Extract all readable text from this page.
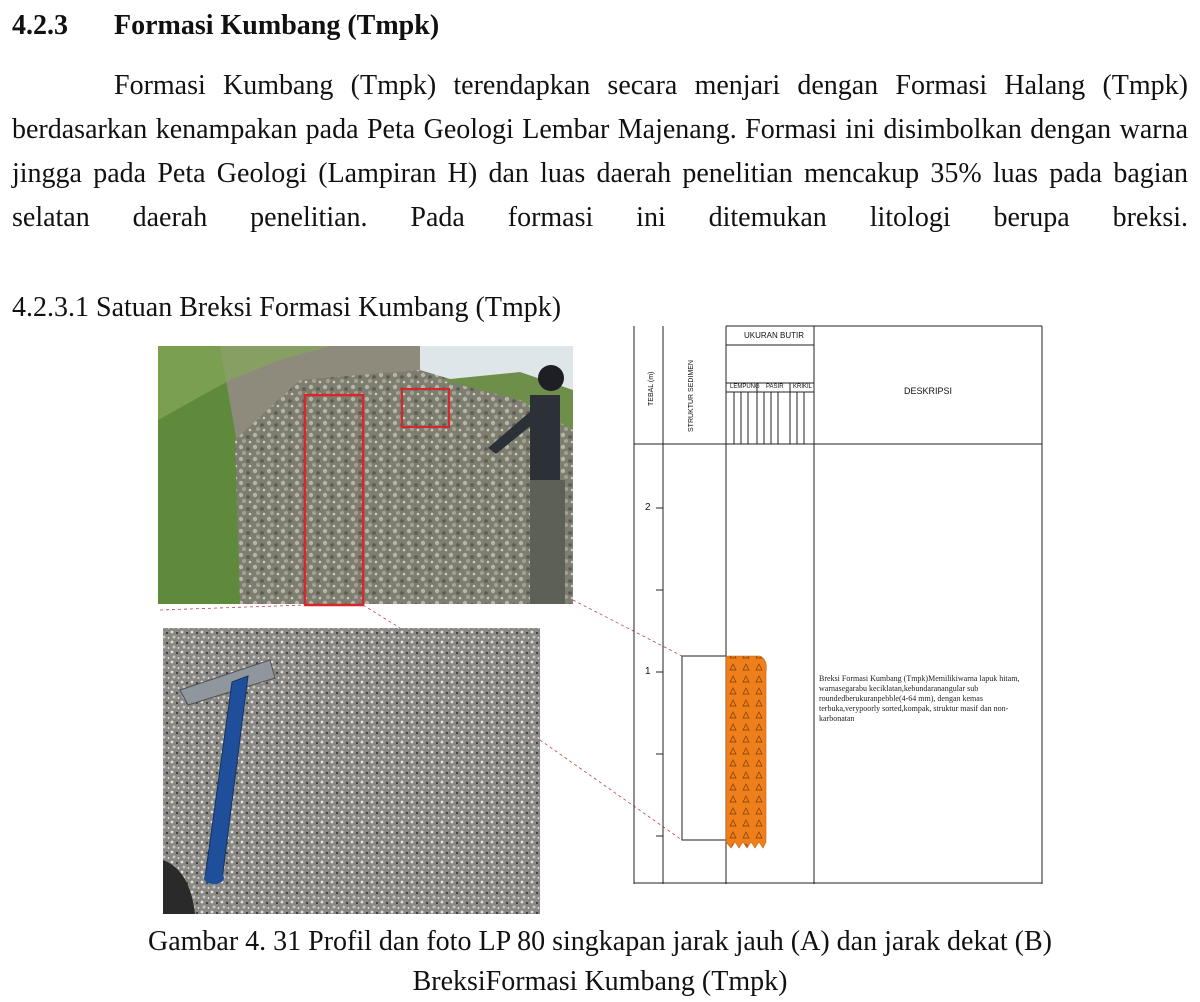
4.2.3 Formasi Kumbang (Tmpk)
Formasi Kumbang (Tmpk) terendapkan secara menjari dengan Formasi Halang (Tmpk) berdasarkan kenampakan pada Peta Geologi Lembar Majenang. Formasi ini disimbolkan dengan warna jingga pada Peta Geologi (Lampiran H) dan luas daerah penelitian mencakup 35% luas pada bagian selatan daerah penelitian. Pada formasi ini ditemukan litologi berupa breksi.
4.2.3.1 Satuan Breksi Formasi Kumbang (Tmpk)
TEBAL (m)	STRUKTUR SEDIMEN
UKURAN BUTIR
LEMPUNG PASIR KRIKIL	DESKRIPSI
2
1
Breksi Formasi Kumbang (Tmpk)Memilikiwarna lapuk hitam, warnasegarabu keciklatan,kebundaranangular sub roundedberukuranpebble(4-64 mm), dengan kemas terbuka,verypoorly sorted,kompak, struktur masif dan non-karbonatan
Gambar 4. 31 Profil dan foto LP 80 singkapan jarak jauh (A) dan jarak dekat (B)
BreksiFormasi Kumbang (Tmpk)
